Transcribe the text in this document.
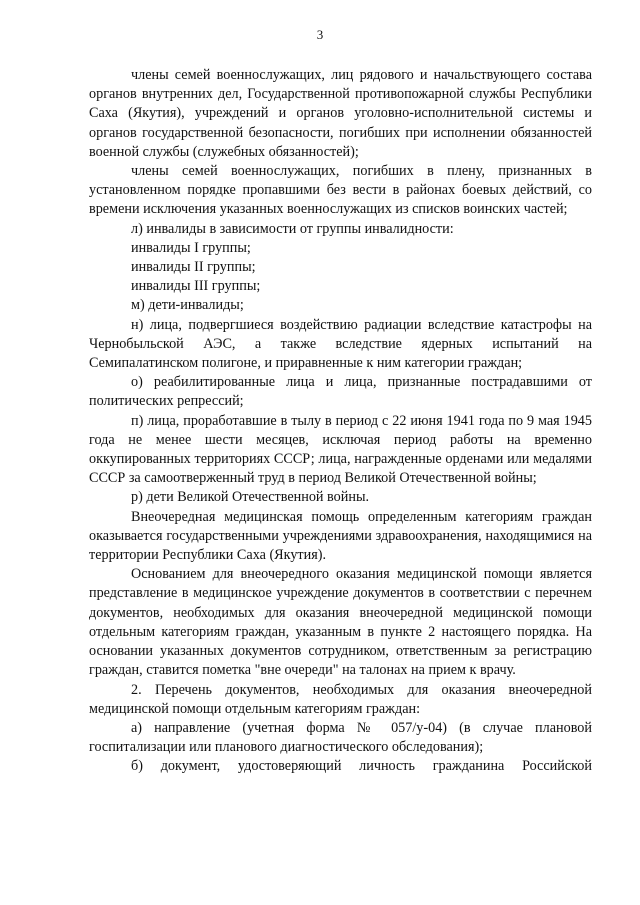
3

члены семей военнослужащих, лиц рядового и начальствующего состава органов внутренних дел, Государственной противопожарной службы Республики Саха (Якутия), учреждений и органов уголовно-исполнительной системы и органов государственной безопасности, погибших при исполнении обязанностей военной службы (служебных обязанностей);

члены семей военнослужащих, погибших в плену, признанных в установленном порядке пропавшими без вести в районах боевых действий, со времени исключения указанных военнослужащих из списков воинских частей;

л) инвалиды в зависимости от группы инвалидности:

инвалиды I группы;

инвалиды II группы;

инвалиды III группы;

м) дети-инвалиды;

н) лица, подвергшиеся воздействию радиации вследствие катастрофы на Чернобыльской АЭС, а также вследствие ядерных испытаний на Семипалатинском полигоне, и приравненные к ним категории граждан;

о) реабилитированные лица и лица, признанные пострадавшими от политических репрессий;

п) лица, проработавшие в тылу в период с 22 июня 1941 года по 9 мая 1945 года не менее шести месяцев, исключая период работы на временно оккупированных территориях СССР; лица, награжденные орденами или медалями СССР за самоотверженный труд в период Великой Отечественной войны;

р) дети Великой Отечественной войны.

Внеочередная медицинская помощь определенным категориям граждан оказывается государственными учреждениями здравоохранения, находящимися на территории Республики Саха (Якутия).

Основанием для внеочередного оказания медицинской помощи является представление в медицинское учреждение документов в соответствии с перечнем документов, необходимых для оказания внеочередной медицинской помощи отдельным категориям граждан, указанным в пункте 2 настоящего порядка. На основании указанных документов сотрудником, ответственным за регистрацию граждан, ставится пометка "вне очереди" на талонах на прием к врачу.

2. Перечень документов, необходимых для оказания внеочередной медицинской помощи отдельным категориям граждан:

а) направление (учетная форма № 057/у-04) (в случае плановой госпитализации или планового диагностического обследования);

б) документ, удостоверяющий личность гражданина Российской
